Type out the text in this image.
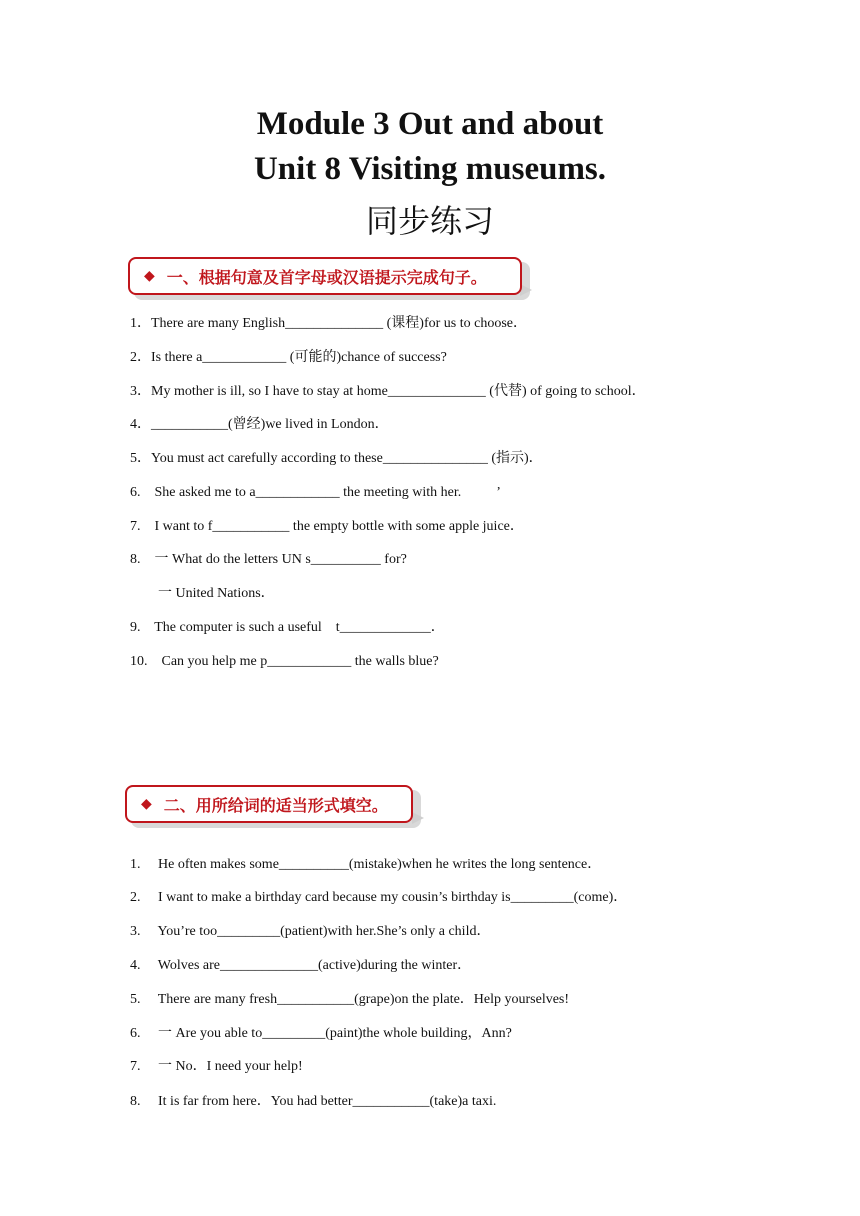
Module 3 Out and about
Unit 8 Visiting museums.
同步练习
◆ 一、根据句意及首字母或汉语提示完成句子。
1．There are many English______________ (课程)for us to choose．
2．Is there a____________ (可能的)chance of success?
3．My mother is ill, so I have to stay at home______________ (代替) of going to school．
4．___________(曾经)we lived in London．
5．You must act carefully according to these_______________ (指示)．
6.    She asked me to a____________ the meeting with her.          ’
7.    I want to f___________ the empty bottle with some apple juice．
8.    一 What do the letters UN s__________ for?
一 United Nations．
9.    The computer is such a useful    t_____________．
10.    Can you help me p____________ the walls blue?
◆ 二、用所给词的适当形式填空。
1.     He often makes some__________(mistake)when he writes the long sentence．
2.     I want to make a birthday card because my cousin’s birthday is_________(come)．
3.     You’re too_________(patient)with her.She’s only a child．
4.     Wolves are______________(active)during the winter．
5.     There are many fresh___________(grape)on the plate．Help yourselves!
6.     一 Are you able to_________(paint)the whole building，Ann?
7.     一 No．I need your help!
8.     It is far from here．You had better___________(take)a taxi.
